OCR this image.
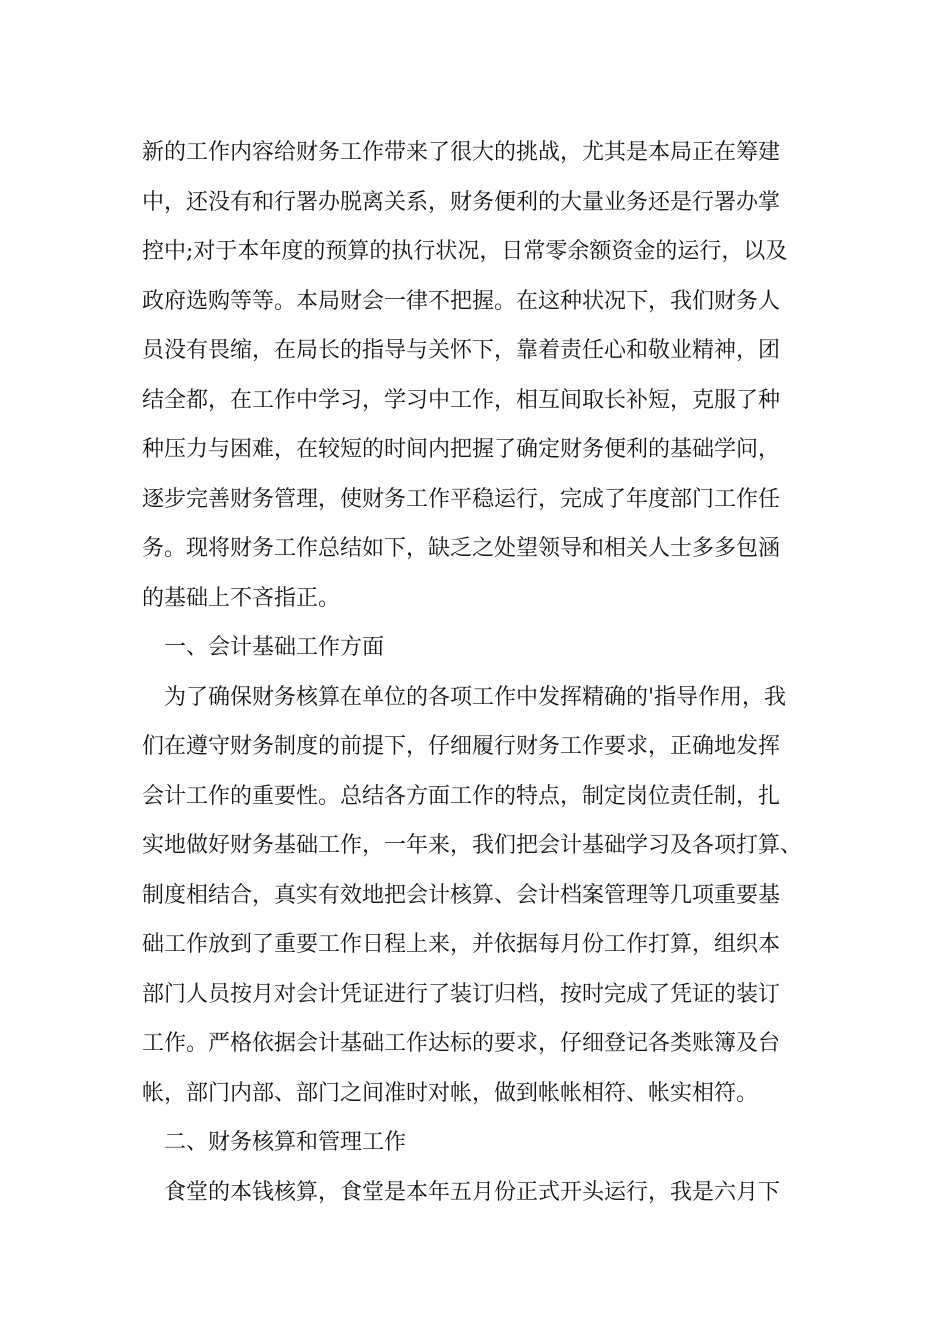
新的工作内容给财务工作带来了很大的挑战，尤其是本局正在筹建
中，还没有和行署办脱离关系，财务便利的大量业务还是行署办掌
控中;对于本年度的预算的执行状况，日常零余额资金的运行，以及
政府选购等等。本局财会一律不把握。在这种状况下，我们财务人
员没有畏缩，在局长的指导与关怀下，靠着责任心和敬业精神，团
结全都，在工作中学习，学习中工作，相互间取长补短，克服了种
种压力与困难，在较短的时间内把握了确定财务便利的基础学问，
逐步完善财务管理，使财务工作平稳运行，完成了年度部门工作任
务。现将财务工作总结如下，缺乏之处望领导和相关人士多多包涵
的基础上不吝指正。
一、会计基础工作方面
为了确保财务核算在单位的各项工作中发挥精确的'指导作用，我
们在遵守财务制度的前提下，仔细履行财务工作要求，正确地发挥
会计工作的重要性。总结各方面工作的特点，制定岗位责任制，扎
实地做好财务基础工作，一年来，我们把会计基础学习及各项打算、
制度相结合，真实有效地把会计核算、会计档案管理等几项重要基
础工作放到了重要工作日程上来，并依据每月份工作打算，组织本
部门人员按月对会计凭证进行了装订归档，按时完成了凭证的装订
工作。严格依据会计基础工作达标的要求，仔细登记各类账簿及台
帐，部门内部、部门之间准时对帐，做到帐帐相符、帐实相符。
二、财务核算和管理工作
食堂的本钱核算，食堂是本年五月份正式开头运行，我是六月下
